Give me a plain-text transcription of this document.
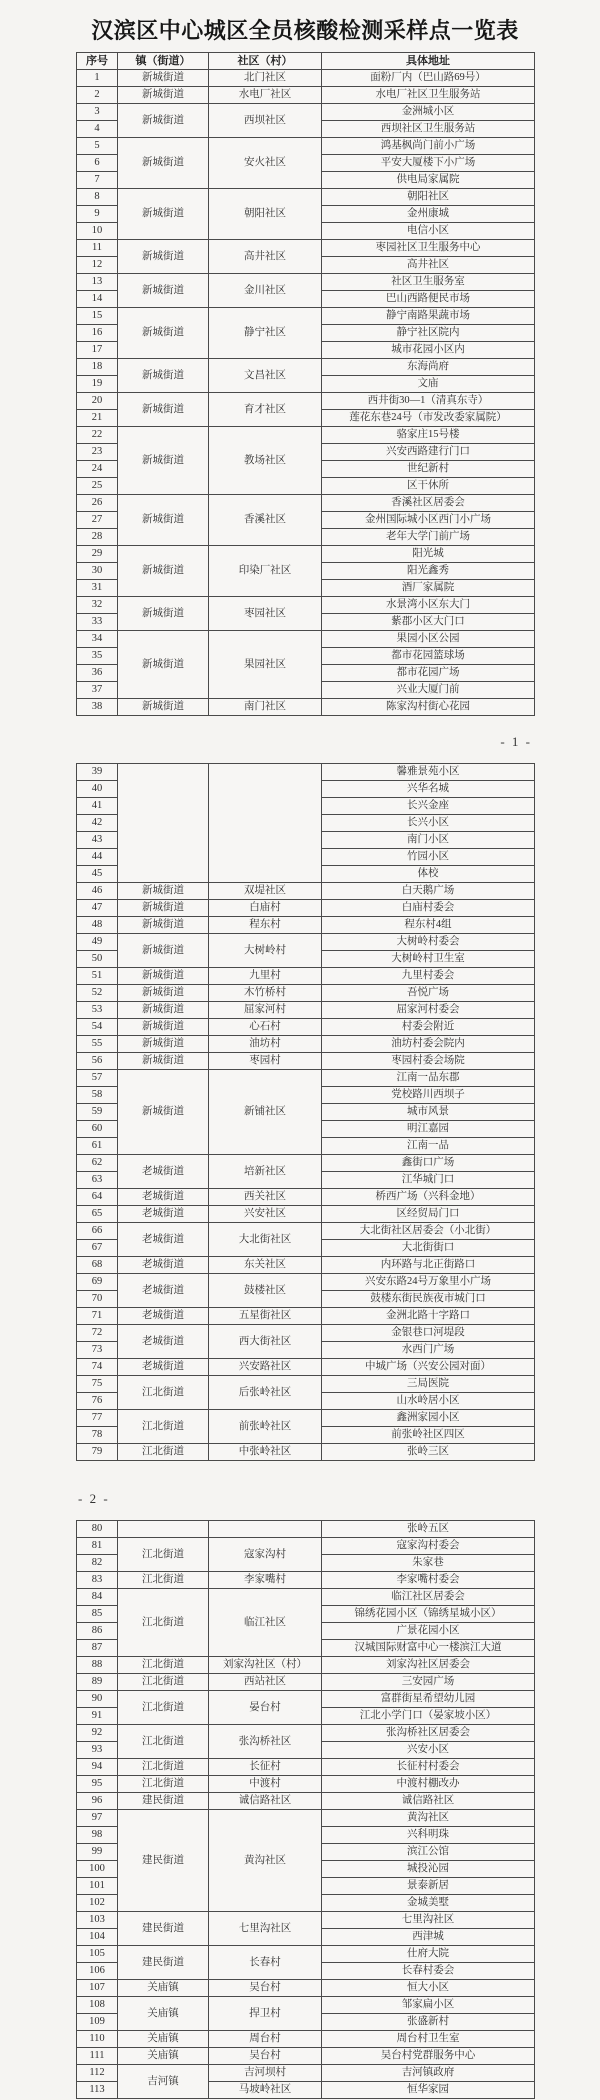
汉滨区中心城区全员核酸检测采样点一览表
序号	镇（街道）	社区（村）	具体地址
1	新城街道	北门社区	面粉厂内（巴山路69号）
2	新城街道	水电厂社区	水电厂社区卫生服务站
3	新城街道	西坝社区	金洲城小区
4			西坝社区卫生服务站
5	新城街道	安火社区	鸿基枫尚门前小广场
6			平安大厦楼下小广场
7			供电局家属院
8	新城街道	朝阳社区	朝阳社区
9			金州康城
10			电信小区
11	新城街道	高井社区	枣园社区卫生服务中心
12			高井社区
13	新城街道	金川社区	社区卫生服务室
14			巴山西路便民市场
15	新城街道	静宁社区	静宁南路果蔬市场
16			静宁社区院内
17			城市花园小区内
18	新城街道	文昌社区	东海尚府
19			文庙
20	新城街道	育才社区	西井街30—1（清真东寺）
21			莲花东巷24号（市发改委家属院）
22	新城街道	教场社区	骆家庄15号楼
23			兴安西路建行门口
24			世纪新村
25			区干休所
26	新城街道	香溪社区	香溪社区居委会
27			金州国际城小区西门小广场
28			老年大学门前广场
29	新城街道	印染厂社区	阳光城
30			阳光鑫秀
31			酒厂家属院
32	新城街道	枣园社区	水景湾小区东大门
33			紫郡小区大门口
34	新城街道	果园社区	果园小区公园
35			都市花园篮球场
36			都市花园广场
37			兴业大厦门前
38	新城街道	南门社区	陈家沟村街心花园
- 1 -
39			馨雅景苑小区
40			兴华名城
41			长兴金座
42			长兴小区
43			南门小区
44			竹园小区
45			体校
46	新城街道	双堤社区	白天鹅广场
47	新城街道	白庙村	白庙村委会
48	新城街道	程东村	程东村4组
49	新城街道	大树岭村	大树岭村委会
50			大树岭村卫生室
51	新城街道	九里村	九里村委会
52	新城街道	木竹桥村	吾悦广场
53	新城街道	屈家河村	屈家河村委会
54	新城街道	心石村	村委会附近
55	新城街道	油坊村	油坊村委会院内
56	新城街道	枣园村	枣园村委会场院
57	新城街道	新铺社区	江南一品东郡
58			党校路川西坝子
59			城市风景
60			明江嘉园
61			江南一品
62	老城街道	培新社区	鑫街口广场
63			江华城门口
64	老城街道	西关社区	桥西广场（兴科金地）
65	老城街道	兴安社区	区经贸局门口
66	老城街道	大北街社区	大北街社区居委会（小北街）
67			大北街街口
68	老城街道	东关社区	内环路与北正街路口
69	老城街道	鼓楼社区	兴安东路24号万象里小广场
70			鼓楼东街民族夜市城门口
71	老城街道	五星街社区	金洲北路十字路口
72	老城街道	西大街社区	金银巷口河堤段
73			水西门广场
74	老城街道	兴安路社区	中城广场（兴安公园对面）
75	江北街道	后张岭社区	三局医院
76			山水岭居小区
77	江北街道	前张岭社区	鑫洲家园小区
78			前张岭社区四区
79	江北街道	中张岭社区	张岭三区
- 2 -
80			张岭五区
81	江北街道	寇家沟村	寇家沟村委会
82			朱家巷
83	江北街道	李家嘴村	李家嘴村委会
84	江北街道	临江社区	临江社区居委会
85			锦绣花园小区（锦绣星城小区）
86			广景花园小区
87			汉城国际财富中心一楼滨江大道
88	江北街道	刘家沟社区（村）	刘家沟社区居委会
89	江北街道	西站社区	三安园广场
90	江北街道	晏台村	富群街星希望幼儿园
91			江北小学门口（晏家坡小区）
92	江北街道	张沟桥社区	张沟桥社区居委会
93			兴安小区
94	江北街道	长征村	长征村村委会
95	江北街道	中渡村	中渡村棚改办
96	建民街道	诚信路社区	诚信路社区
97	建民街道	黄沟社区	黄沟社区
98			兴科明珠
99			滨江公馆
100			城投沁园
101			景泰新居
102			金城美墅
103	建民街道	七里沟社区	七里沟社区
104			西津城
105	建民街道	长春村	仕府大院
106			长春村委会
107	关庙镇	吴台村	恒大小区
108	关庙镇	捍卫村	邹家扁小区
109			张盛新村
110	关庙镇	周台村	周台村卫生室
111	关庙镇	吴台村	吴台村党群服务中心
112	吉河镇	吉河坝村	吉河镇政府
113		马坡岭社区	恒华家园
